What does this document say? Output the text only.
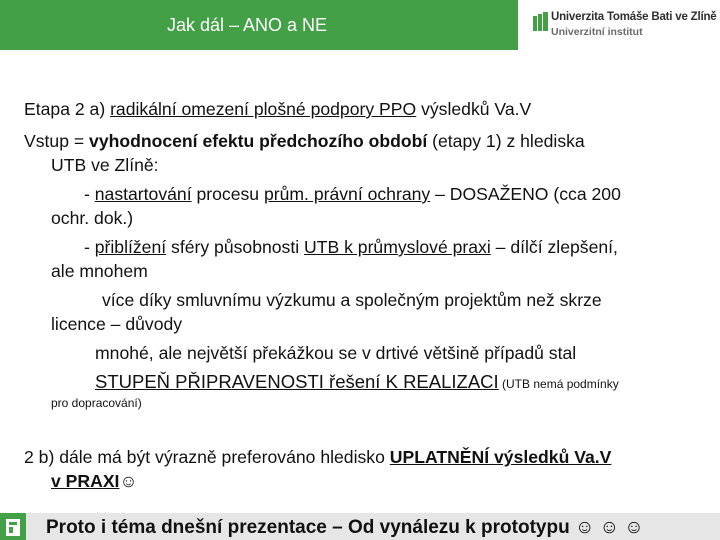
Jak dál – ANO a NE	Univerzita Tomáše Bati ve Zlíně
Univerzitní institut
Etapa 2 a) radikální omezení plošné podpory PPO výsledků Va.V
Vstup = vyhodnocení efektu předchozího období (etapy 1) z hlediska
UTB ve Zlíně:
- nastartování procesu prům. právní ochrany – DOSAŽENO (cca 200
ochr. dok.)
- přiblížení sféry působnosti UTB k průmyslové praxi – dílčí zlepšení,
ale mnohem
více díky smluvnímu výzkumu a společným projektům než skrze
licence – důvody
mnohé, ale největší překážkou se v drtivé většině případů stal
STUPEŇ PŘIPRAVENOSTI řešení K REALIZACI (UTB nemá podmínky
pro dopracování)
2 b) dále má být výrazně preferováno hledisko UPLATNĚNÍ výsledků Va.V
v PRAXI☺
Proto i téma dnešní prezentace – Od vynálezu k prototypu ☺ ☺ ☺
